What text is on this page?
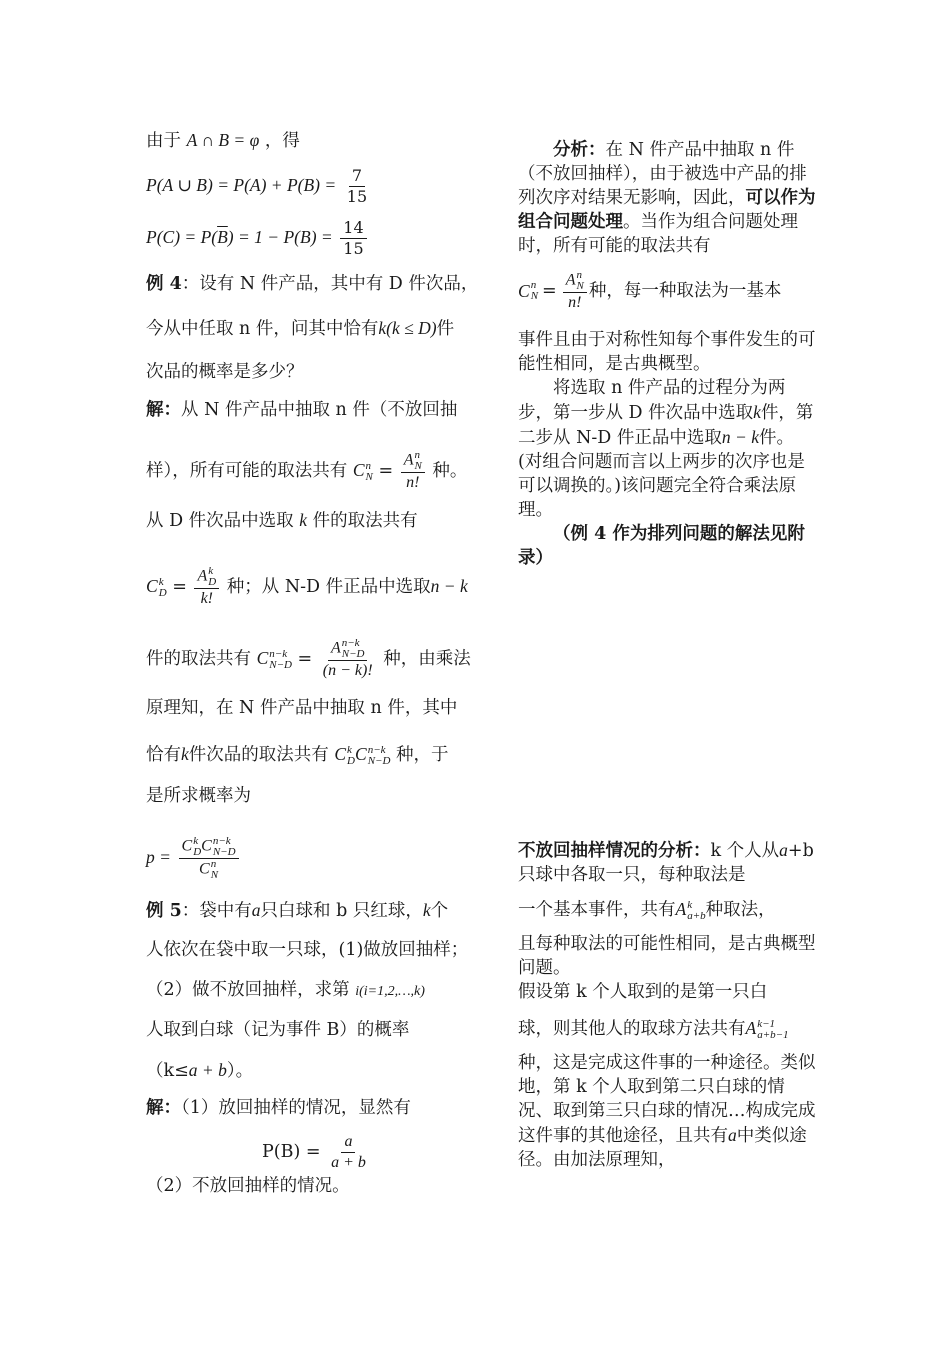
由于 A ∩ B = φ ，得
P(A ∪ $B) = P(A) + P(B) = \frac{7}{15}$
$P(C) = P(\overline{B}) = 1 - P(B) = \frac{14}{15}$
例 4：设有 N 件产品，其中有 D 件次品，
今从中任取 n 件，问其中恰有k(k ≤ D)件
次品的概率是多少？
解：从 N 件产品中抽取 n 件（不放回抽
样），所有可能的取法共有 C n
N = A n
N
n! 种。
从 D 件次品中选取 k 件的取法共有
C k
D = A k
D
k! 种；从 N-D 件正品中选取n − k
件的取法共有 C n−k
N−D = A n−k
N−D
(n − k)! 种，由乘法
原理知，在 N 件产品中抽取 n 件，其中
恰有k件次品的取法共有 C k
D C n−k
N−D 种，于
是所求概率为
p = C k
D C n−k
N−D
C n
N
例 5：袋中有a只白球和 b 只红球，k个
人依次在袋中取一只球，(1)做放回抽样；
（2）做不放回抽样，求第 i(i=1,2,…,k)
人取到白球（记为事件 B）的概率
（k≤a + b）。
解：（1）放回抽样的情况，显然有
$P(B) = \frac{a}{a + b}$
（2）不放回抽样的情况。
分析：在 N 件产品中抽取 n 件（不放回抽样），由于被选中产品的排列次序对结果无影响，因此，可以作为组合问题处理。当作为组合问题处理时，所有可能的取法共有
C n
N = A n
N
n! 种，每一种取法为一基本
事件且由于对称性知每个事件发生的可能性相同，是古典概型。
将选取 n 件产品的过程分为两步，第一步从 D 件次品中选取k件，第二步从 N-D 件正品中选取n − k件。(对组合问题而言以上两步的次序也是可以调换的。)该问题完全符合乘法原理。
（例 4 作为排列问题的解法见附录）
不放回抽样情况的分析：k 个人从a+b 只球中各取一只，每种取法是
一个基本事件，共有A k
a+b 种取法，
且每种取法的可能性相同，是古典概型问题。
假设第 k 个人取到的是第一只白
球，则其他人的取球方法共有A k−1
a+b−1
种，这是完成这件事的一种途径。类似地，第 k 个人取到第二只白球的情况、取到第三只白球的情况…构成完成这件事的其他途径，且共有a中类似途径。由加法原理知，
